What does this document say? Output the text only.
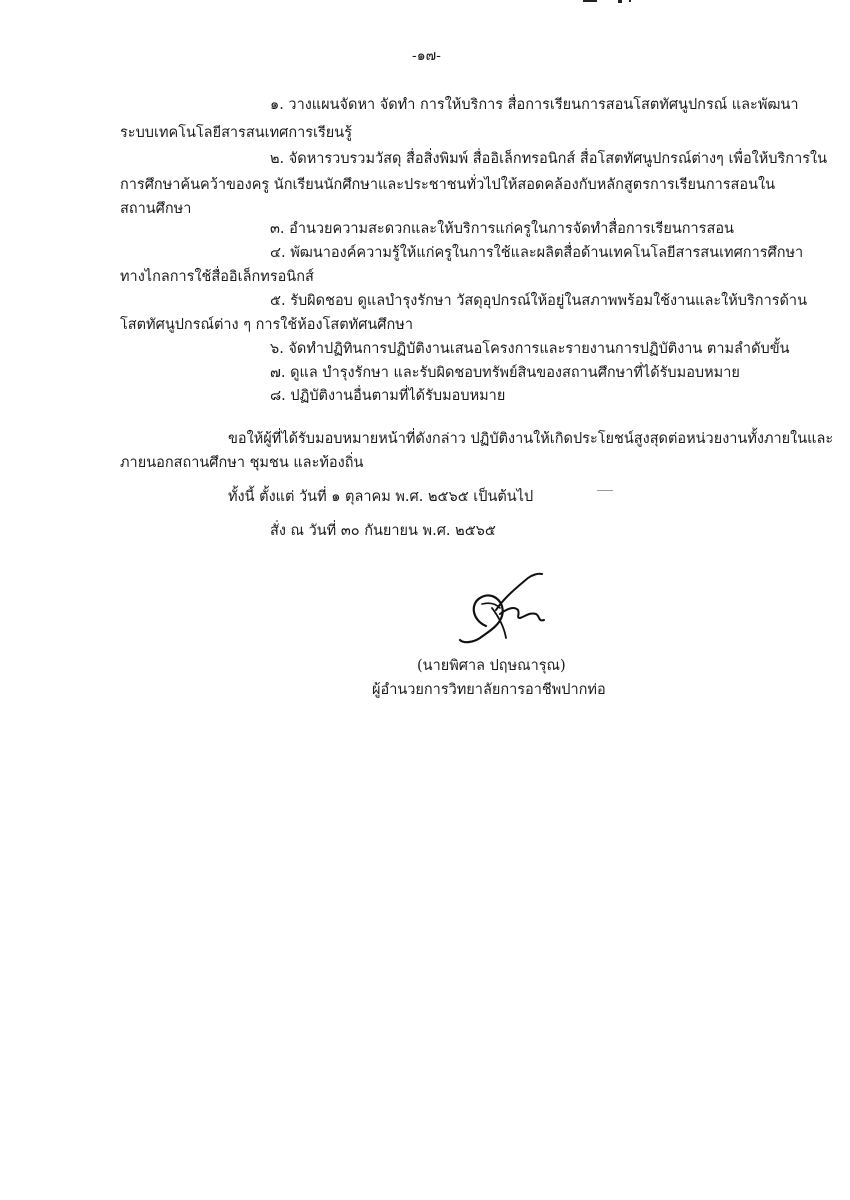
-๑๗-
๑. วางแผนจัดหา จัดทำ การให้บริการ สื่อการเรียนการสอนโสตทัศนูปกรณ์ และพัฒนา
ระบบเทคโนโลยีสารสนเทศการเรียนรู้
๒. จัดหารวบรวมวัสดุ สื่อสิ่งพิมพ์ สื่ออิเล็กทรอนิกส์ สื่อโสตทัศนูปกรณ์ต่างๆ เพื่อให้บริการใน
การศึกษาค้นคว้าของครู นักเรียนนักศึกษาและประชาชนทั่วไปให้สอดคล้องกับหลักสูตรการเรียนการสอนใน
สถานศึกษา
๓. อำนวยความสะดวกและให้บริการแก่ครูในการจัดทำสื่อการเรียนการสอน
๔. พัฒนาองค์ความรู้ให้แก่ครูในการใช้และผลิตสื่อด้านเทคโนโลยีสารสนเทศการศึกษา
ทางไกลการใช้สื่ออิเล็กทรอนิกส์
๕. รับผิดชอบ ดูแลบำรุงรักษา วัสดุอุปกรณ์ให้อยู่ในสภาพพร้อมใช้งานและให้บริการด้าน
โสตทัศนูปกรณ์ต่าง ๆ การใช้ห้องโสตทัศนศึกษา
๖. จัดทำปฏิทินการปฏิบัติงานเสนอโครงการและรายงานการปฏิบัติงาน ตามลำดับขั้น
๗. ดูแล บำรุงรักษา และรับผิดชอบทรัพย์สินของสถานศึกษาที่ได้รับมอบหมาย
๘. ปฏิบัติงานอื่นตามที่ได้รับมอบหมาย
ขอให้ผู้ที่ได้รับมอบหมายหน้าที่ดังกล่าว ปฏิบัติงานให้เกิดประโยชน์สูงสุดต่อหน่วยงานทั้งภายในและ
ภายนอกสถานศึกษา ชุมชน และท้องถิ่น
ทั้งนี้ ตั้งแต่ วันที่ ๑ ตุลาคม พ.ศ. ๒๕๖๕ เป็นต้นไป
สั่ง ณ วันที่ ๓๐ กันยายน พ.ศ. ๒๕๖๕
(นายพิศาล ปฤษณารุณ)
ผู้อำนวยการวิทยาลัยการอาชีพปากท่อ
